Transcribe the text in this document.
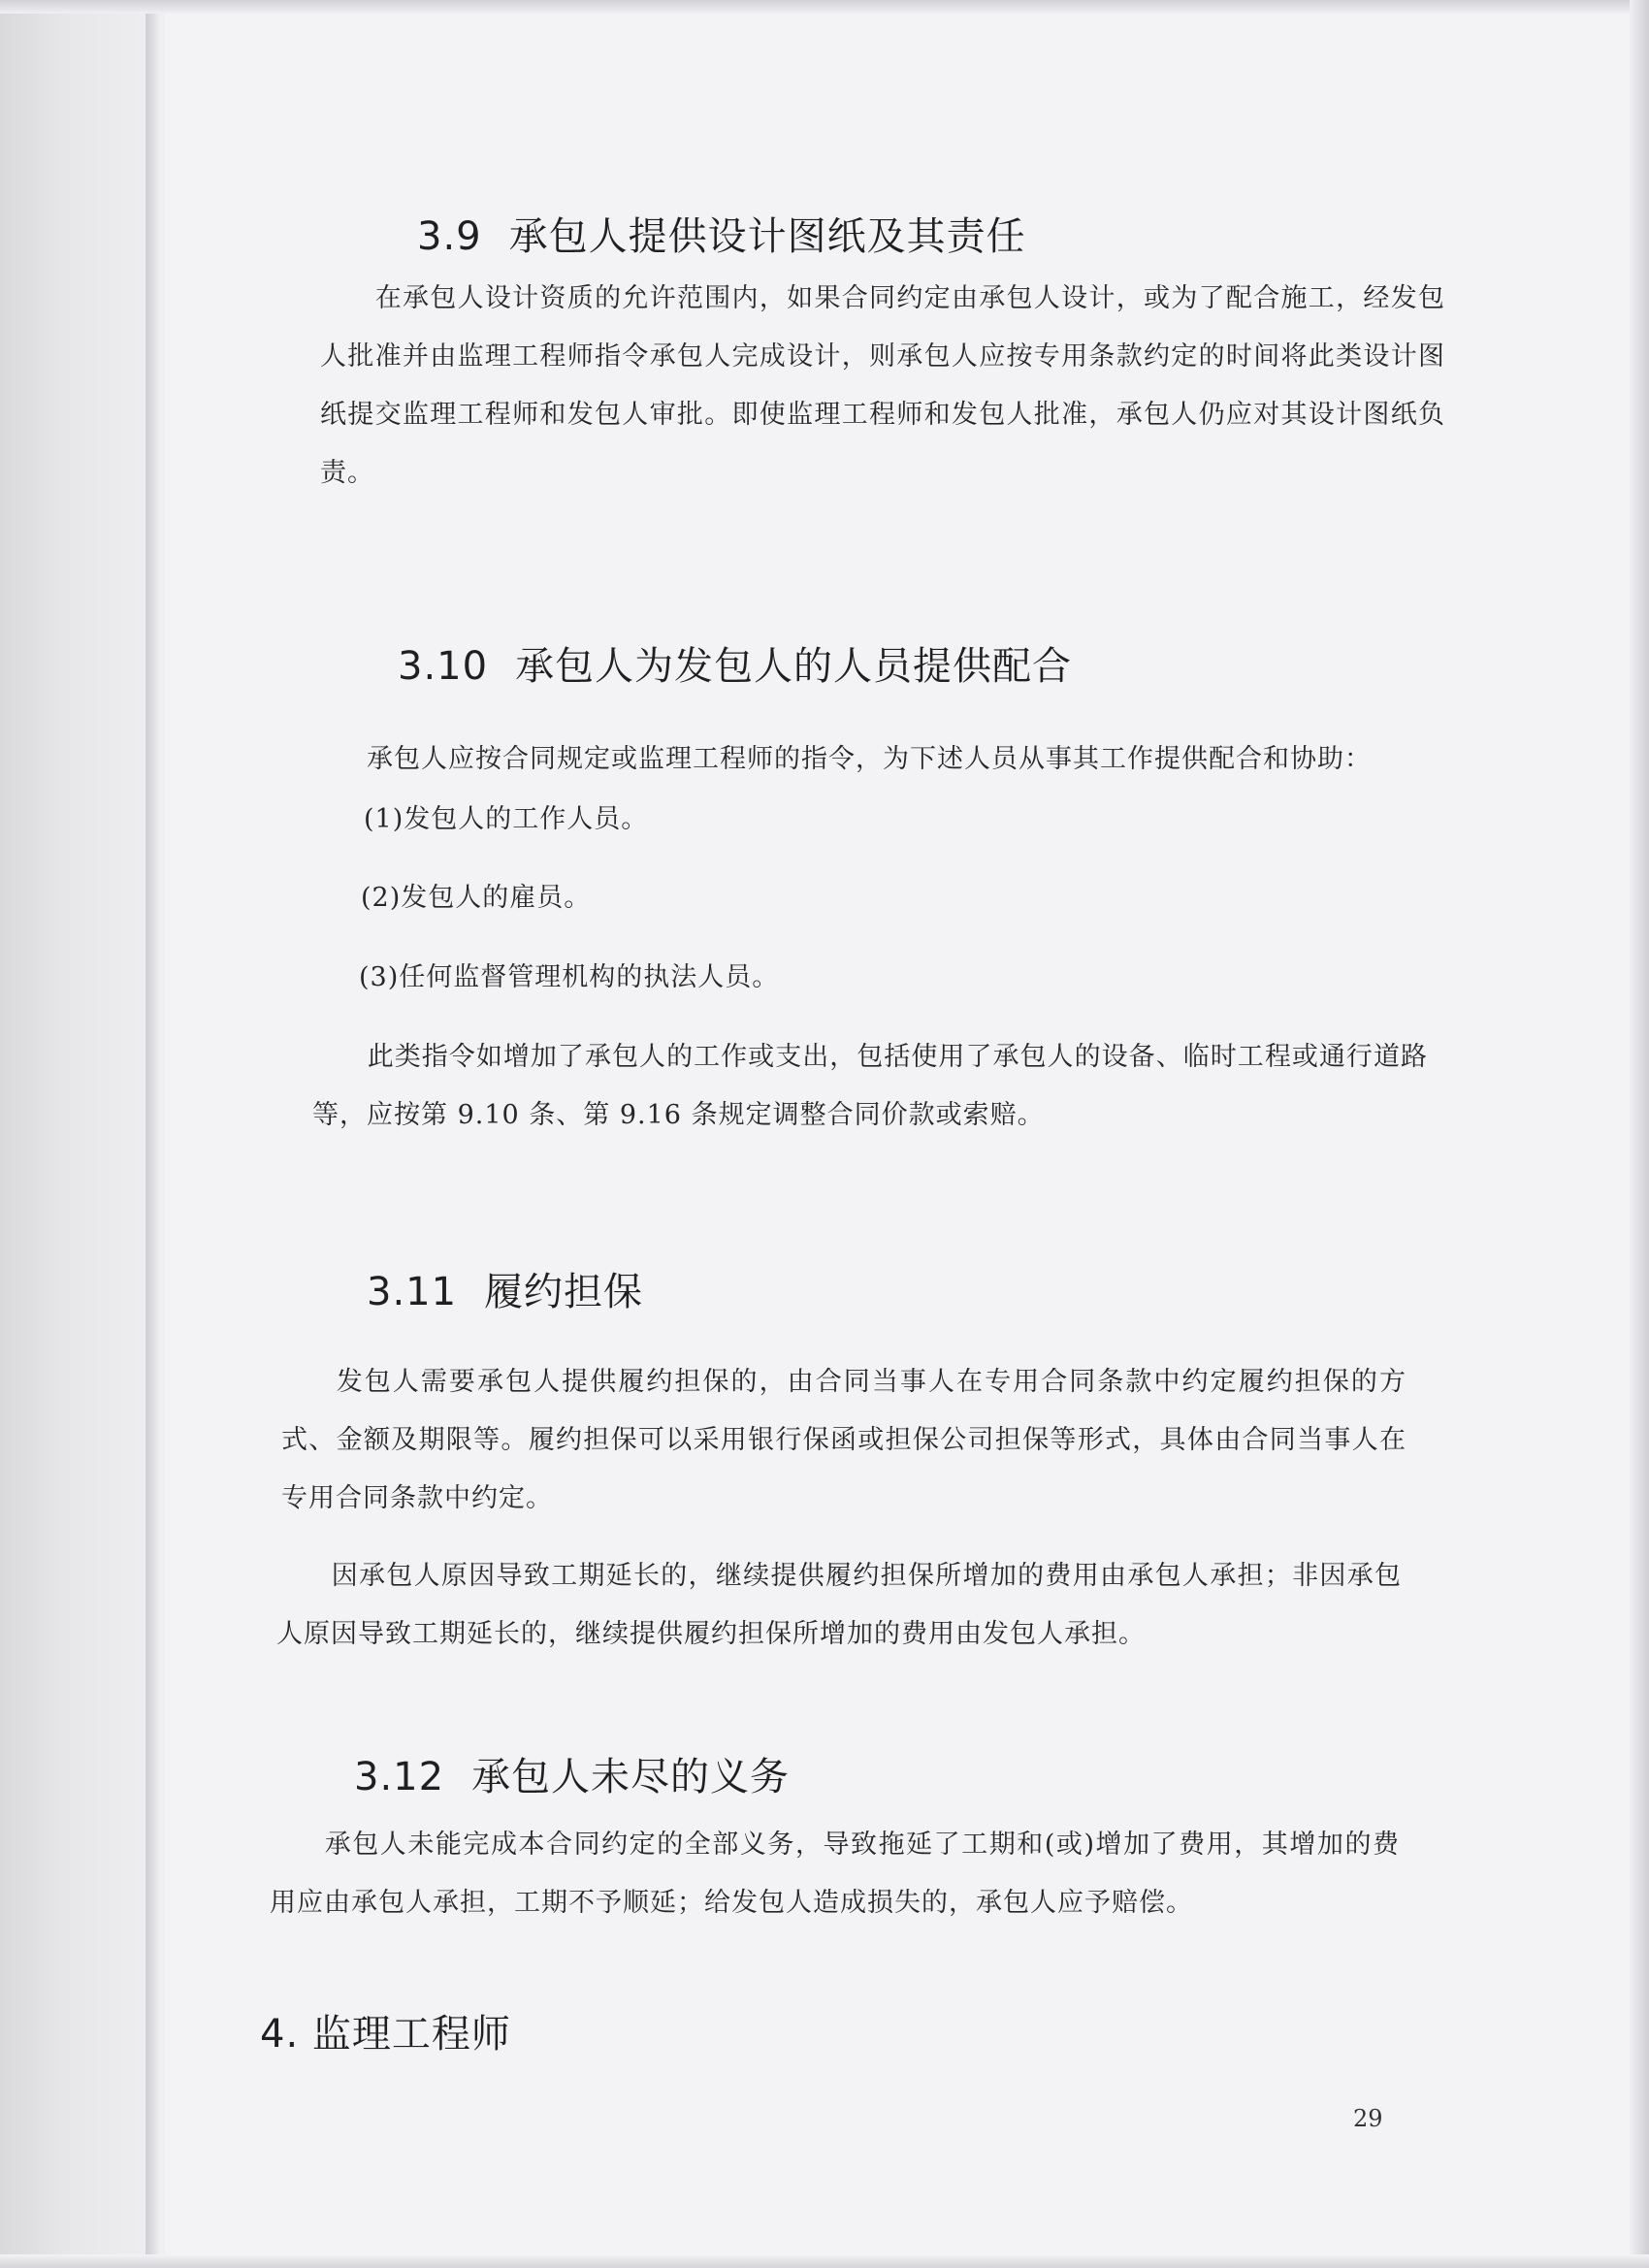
3.9 承包人提供设计图纸及其责任
在承包人设计资质的允许范围内，如果合同约定由承包人设计，或为了配合施工，经发包人批准并由监理工程师指令承包人完成设计，则承包人应按专用条款约定的时间将此类设计图纸提交监理工程师和发包人审批。即使监理工程师和发包人批准，承包人仍应对其设计图纸负责。
3.10 承包人为发包人的人员提供配合
承包人应按合同规定或监理工程师的指令，为下述人员从事其工作提供配合和协助：
(1)发包人的工作人员。
(2)发包人的雇员。
(3)任何监督管理机构的执法人员。
此类指令如增加了承包人的工作或支出，包括使用了承包人的设备、临时工程或通行道路等，应按第 9.10 条、第 9.16 条规定调整合同价款或索赔。
3.11 履约担保
发包人需要承包人提供履约担保的，由合同当事人在专用合同条款中约定履约担保的方式、金额及期限等。履约担保可以采用银行保函或担保公司担保等形式，具体由合同当事人在专用合同条款中约定。
因承包人原因导致工期延长的，继续提供履约担保所增加的费用由承包人承担；非因承包人原因导致工期延长的，继续提供履约担保所增加的费用由发包人承担。
3.12 承包人未尽的义务
承包人未能完成本合同约定的全部义务，导致拖延了工期和(或)增加了费用，其增加的费用应由承包人承担，工期不予顺延；给发包人造成损失的，承包人应予赔偿。
4. 监理工程师
29
